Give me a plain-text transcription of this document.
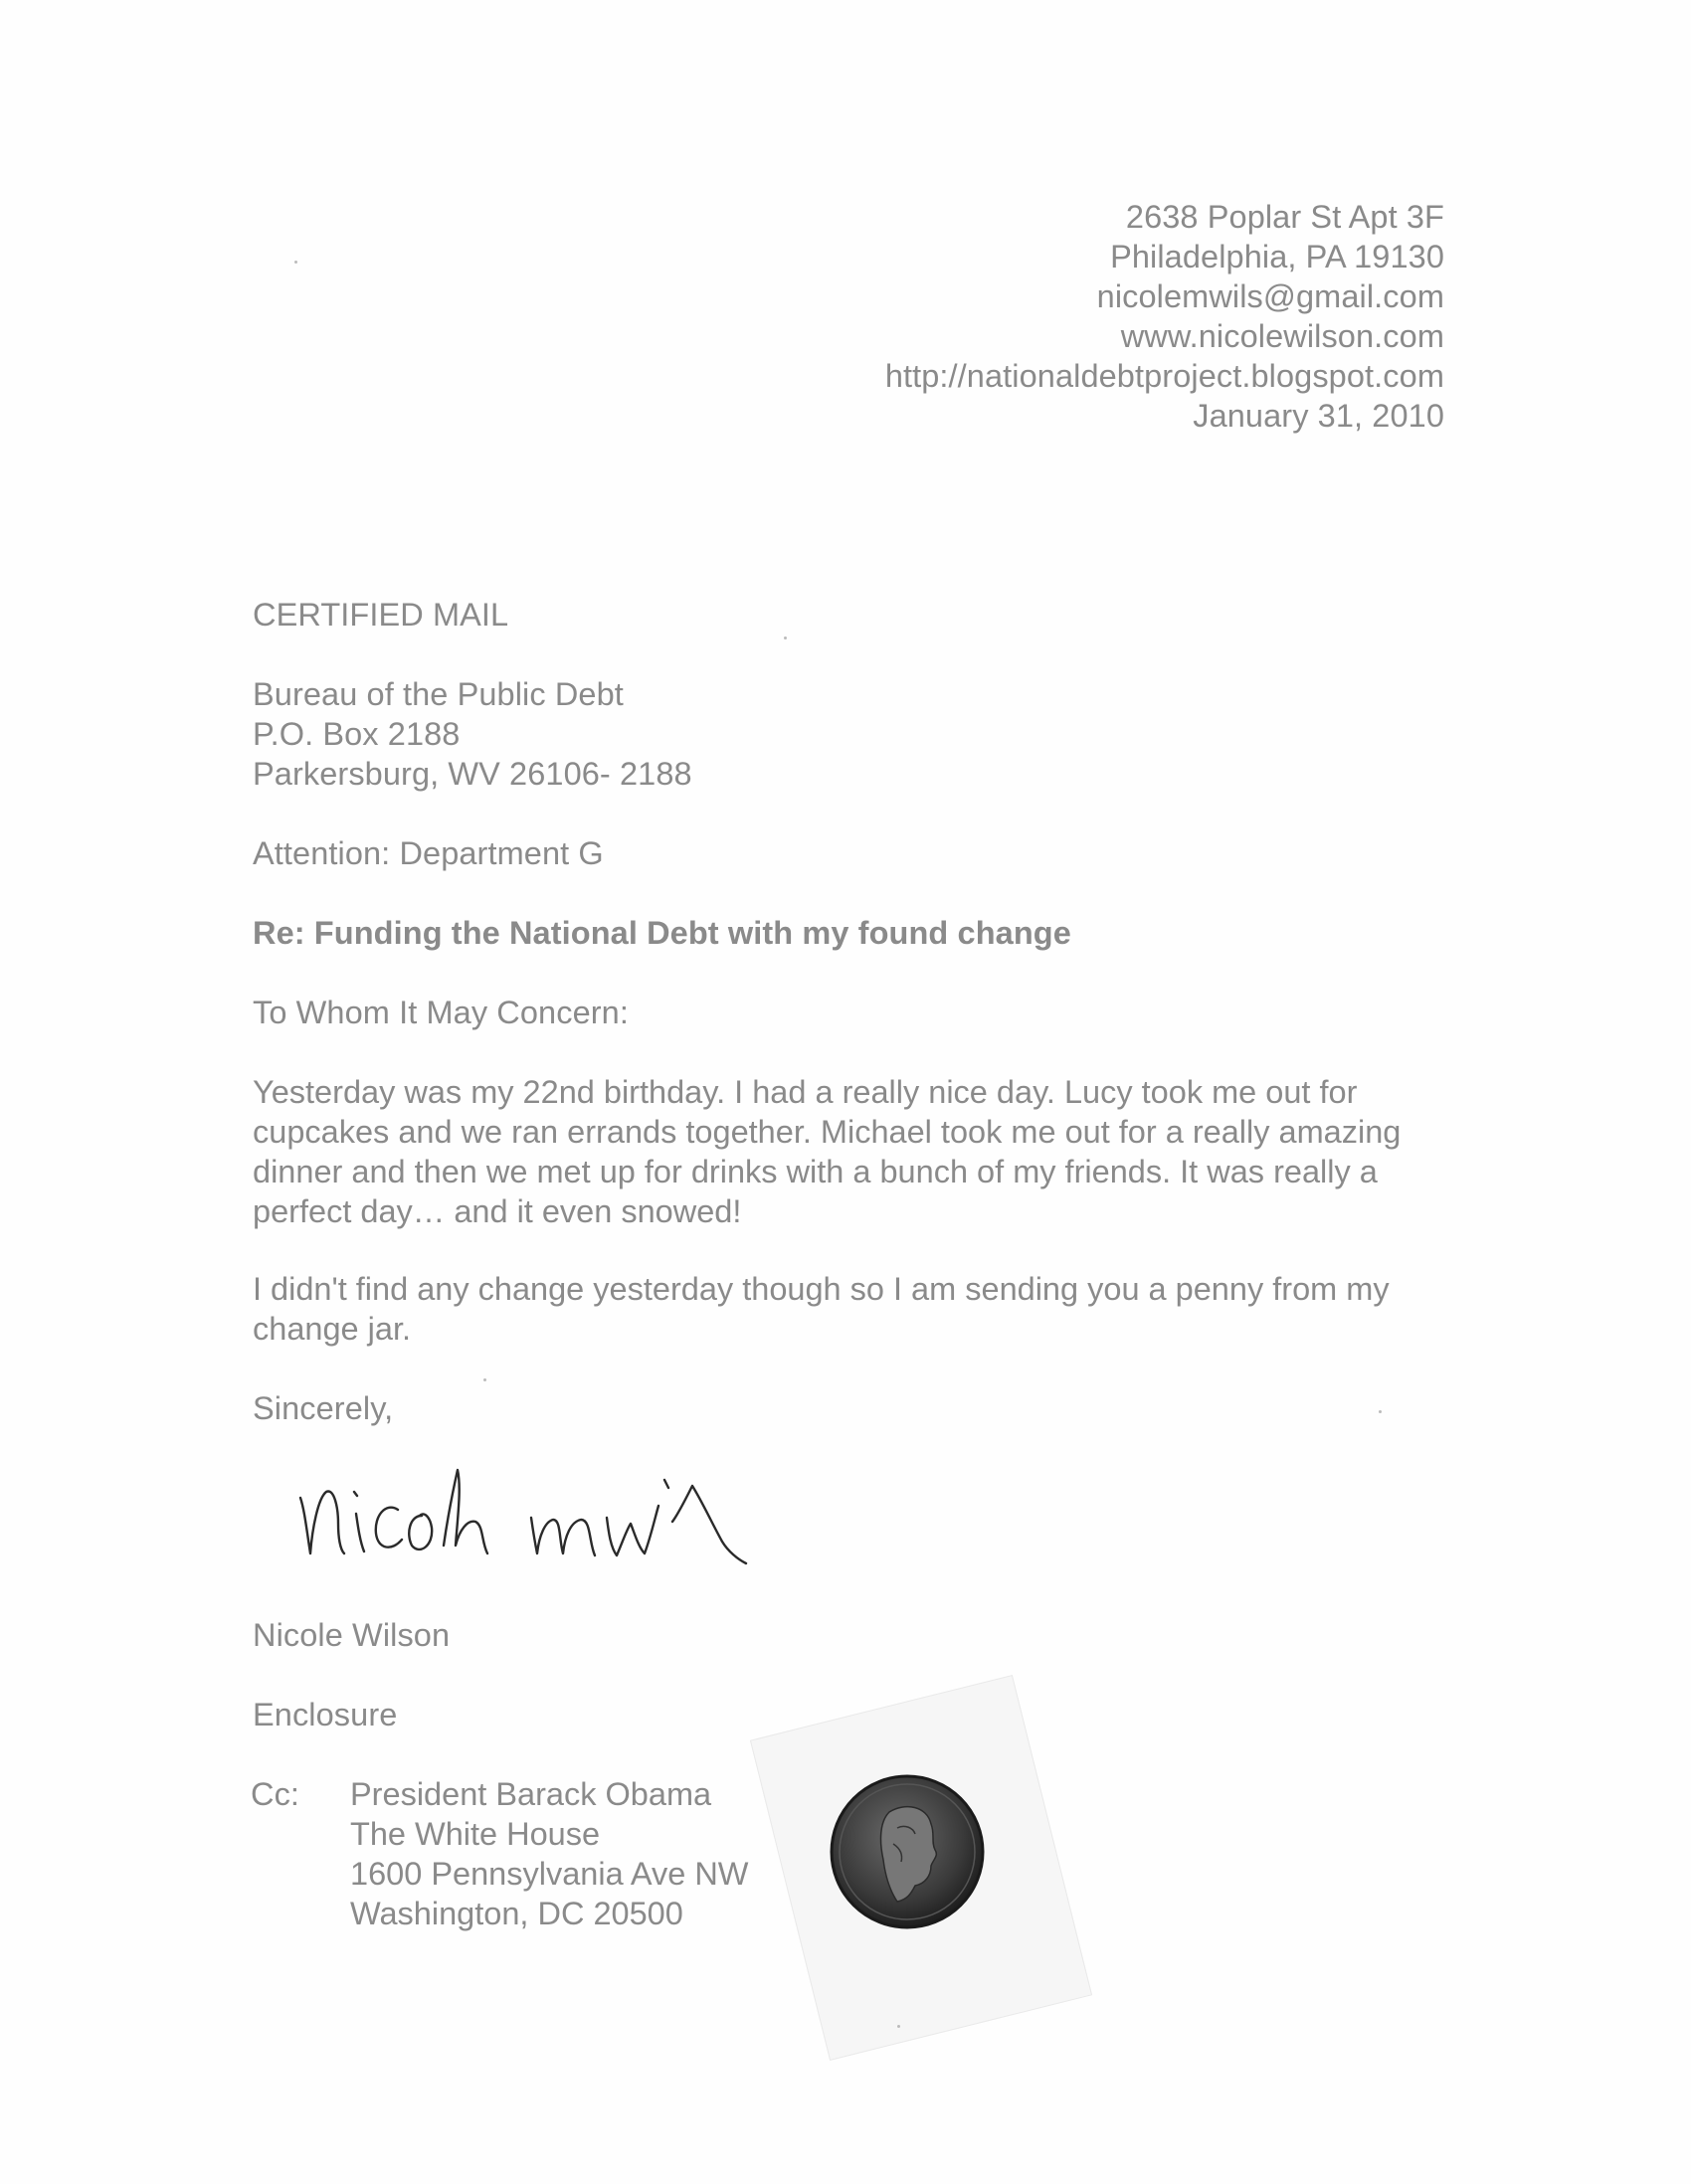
2638 Poplar St Apt 3F
Philadelphia, PA 19130
nicolemwils@gmail.com
www.nicolewilson.com
http://nationaldebtproject.blogspot.com
January 31, 2010
CERTIFIED MAIL
Bureau of the Public Debt
P.O. Box 2188
Parkersburg, WV 26106- 2188
Attention: Department G
Re: Funding the National Debt with my found change
To Whom It May Concern:

Yesterday was my 22nd birthday. I had a really nice day. Lucy took me out for

cupcakes and we ran errands together. Michael took me out for a really amazing

dinner and then we met up for drinks with a bunch of my friends. It was really a

perfect day… and it even snowed!

I didn't find any change yesterday though so I am sending you a penny from my

change jar.

Sincerely,
Nicole Wilson
Enclosure
Cc: President Barack Obama
The White House
1600 Pennsylvania Ave NW
Washington, DC 20500
